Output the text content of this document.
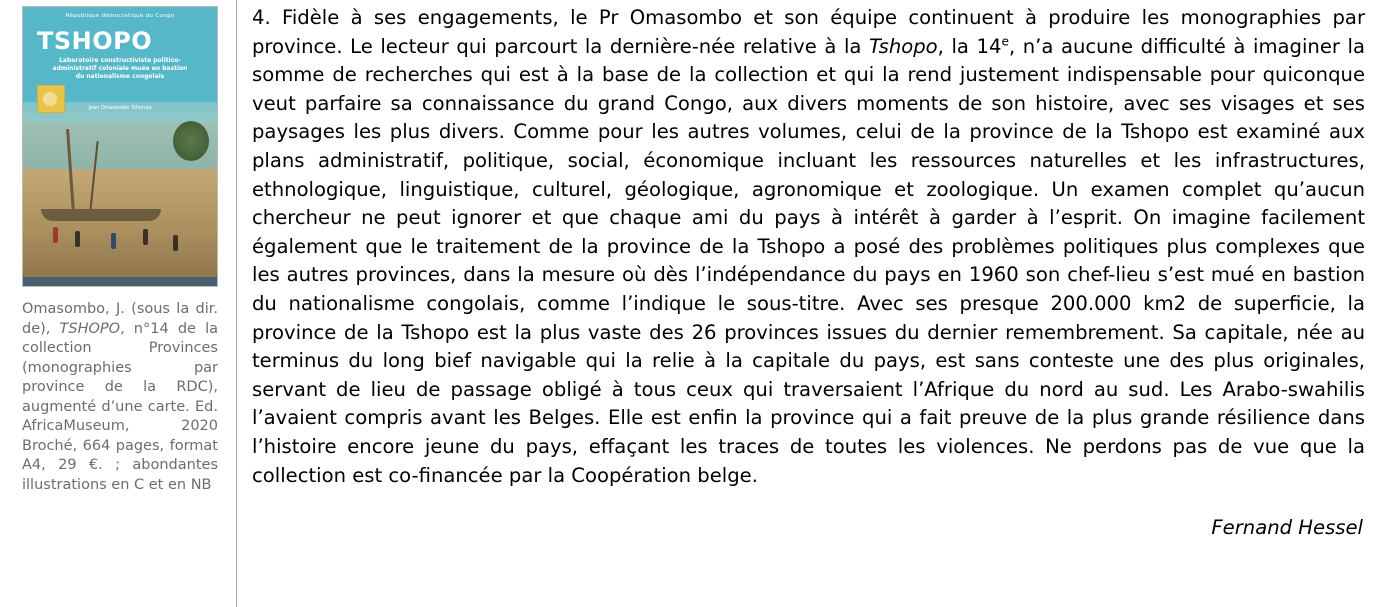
République démocratique du Congo
TSHOPO
Laboratoire constructiviste politico-administratif coloniale muée en bastion du nationalisme congolais
Jean Omasombo Tshonda
Omasombo, J. (sous la dir. de), TSHOPO, n°14 de la collection Provinces (monographies par province de la RDC), augmenté d’une carte. Ed. AfricaMuseum, 2020 Broché, 664 pages, format A4, 29 €. ; abondantes illustrations en C et en NB
4. Fidèle à ses engagements, le Pr Omasombo et son équipe continuent à produire les monographies par province. Le lecteur qui parcourt la dernière-née relative à la Tshopo, la 14e, n’a aucune difficulté à imaginer la somme de recherches qui est à la base de la collection et qui la rend justement indispensable pour quiconque veut parfaire sa connaissance du grand Congo, aux divers moments de son histoire, avec ses visages et ses paysages les plus divers. Comme pour les autres volumes, celui de la province de la Tshopo est examiné aux plans administratif, politique, social, économique incluant les ressources naturelles et les infrastructures, ethnologique, linguistique, culturel, géologique, agronomique et zoologique. Un examen complet qu’aucun chercheur ne peut ignorer et que chaque ami du pays à intérêt à garder à l’esprit. On imagine facilement également que le traitement de la province de la Tshopo a posé des problèmes politiques plus complexes que les autres provinces, dans la mesure où dès l’indépendance du pays en 1960 son chef-lieu s’est mué en bastion du nationalisme congolais, comme l’indique le sous-titre. Avec ses presque 200.000 km2 de superficie, la province de la Tshopo est la plus vaste des 26 provinces issues du dernier remembrement. Sa capitale, née au terminus du long bief navigable qui la relie à la capitale du pays, est sans conteste une des plus originales, servant de lieu de passage obligé à tous ceux qui traversaient l’Afrique du nord au sud. Les Arabo-swahilis l’avaient compris avant les Belges. Elle est enfin la province qui a fait preuve de la plus grande résilience dans l’histoire encore jeune du pays, effaçant les traces de toutes les violences. Ne perdons pas de vue que la collection est co-financée par la Coopération belge.
Fernand Hessel
